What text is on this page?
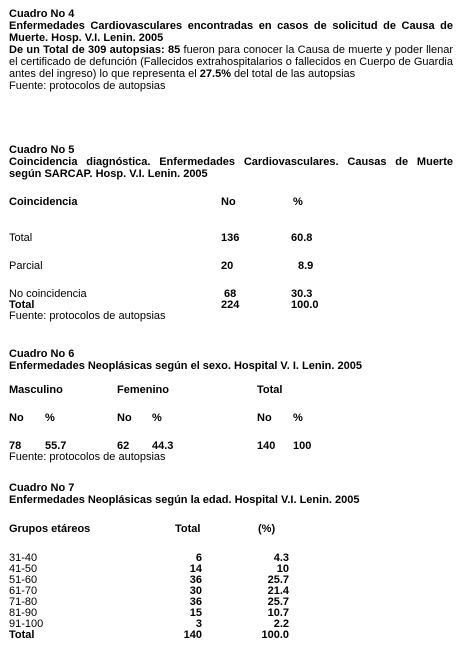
Cuadro No 4

Enfermedades Cardiovasculares encontradas en casos de solicitud de Causa de Muerte. Hosp. V.I. Lenin. 2005

De un Total de 309 autopsias: 85 fueron para conocer la Causa de muerte y poder llenar el certificado de defunción (Fallecidos extrahospitalarios o fallecidos en Cuerpo de Guardia antes del ingreso) lo que representa el 27.5% del total de las autopsias

Fuente: protocolos de autopsias

Cuadro No 5

Coincidencia diagnóstica. Enfermedades Cardiovasculares. Causas de Muerte según SARCAP. Hosp. V.I. Lenin. 2005

Coincidencia	No	%
Total	136	60.8
Parcial	20	8.9
No coincidencia	68	30.3
Total	224	100.0
Fuente: protocolos de autopsias

Cuadro No 6

Enfermedades Neoplásicas según el sexo. Hospital V. I. Lenin. 2005

Masculino	Femenino	Total
No %	No %	No %
78 55.7	62 44.3	140 100
Fuente: protocolos de autopsias

Cuadro No 7

Enfermedades Neoplásicas según la edad. Hospital V.I. Lenin. 2005

Grupos etáreos	Total	(%)
31-40	6	4.3
41-50	14	10
51-60	36	25.7
61-70	30	21.4
71-80	36	25.7
81-90	15	10.7
91-100	3	2.2
Total	140	100.0
